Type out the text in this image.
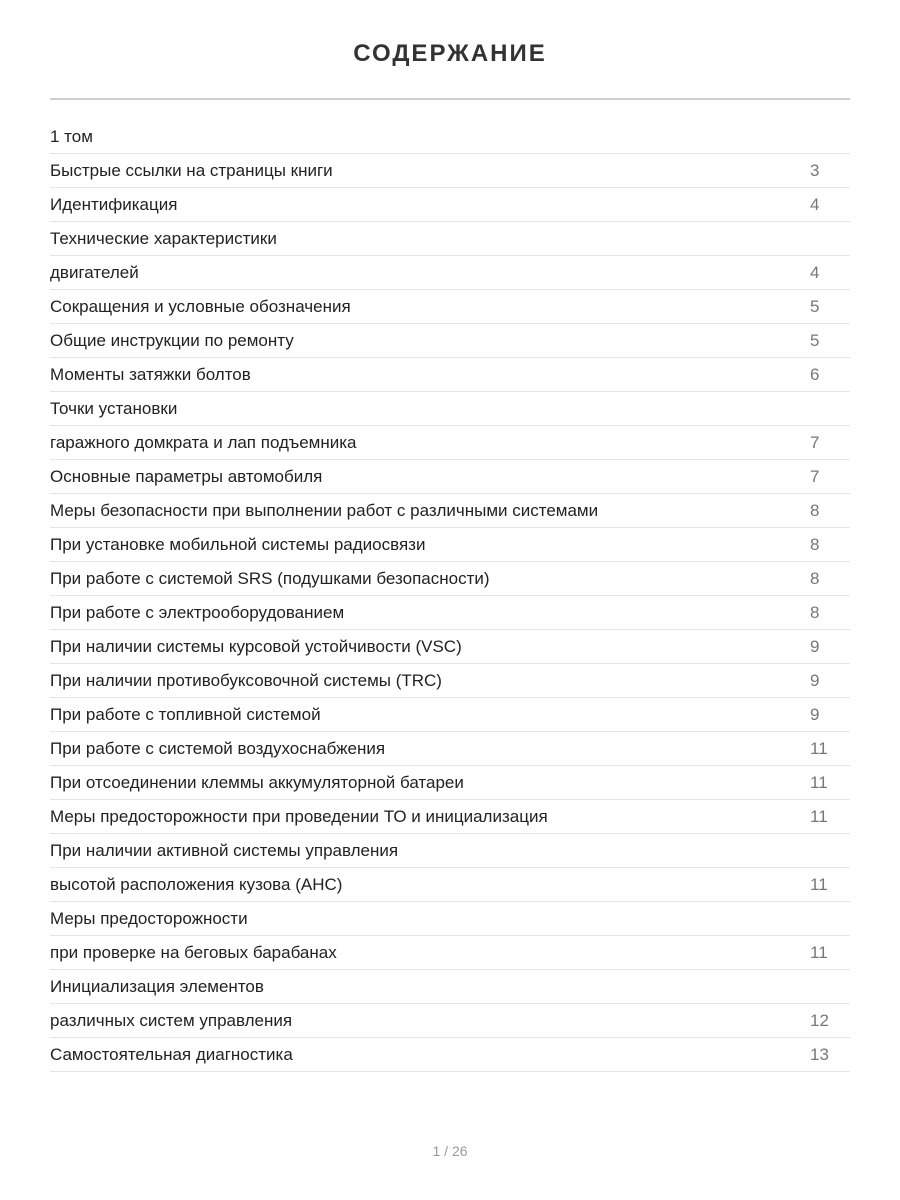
СОДЕРЖАНИЕ
1 том
Быстрые ссылки на страницы книги	3
Идентификация	4
Технические характеристики
двигателей	4
Сокращения и условные обозначения	5
Общие инструкции по ремонту	5
Моменты затяжки болтов	6
Точки установки
гаражного домкрата и лап подъемника	7
Основные параметры автомобиля	7
Меры безопасности при выполнении работ с различными системами	8
При установке мобильной системы радиосвязи	8
При работе с системой SRS (подушками безопасности)	8
При работе с электрооборудованием	8
При наличии системы курсовой устойчивости (VSC)	9
При наличии противобуксовочной системы (TRC)	9
При работе с топливной системой	9
При работе с системой воздухоснабжения	11
При отсоединении клеммы аккумуляторной батареи	11
Меры предосторожности при проведении ТО и инициализация	11
При наличии активной системы управления
высотой расположения кузова (AHC)	11
Меры предосторожности
при проверке на беговых барабанах	11
Инициализация элементов
различных систем управления	12
Самостоятельная диагностика	13
1 / 26
